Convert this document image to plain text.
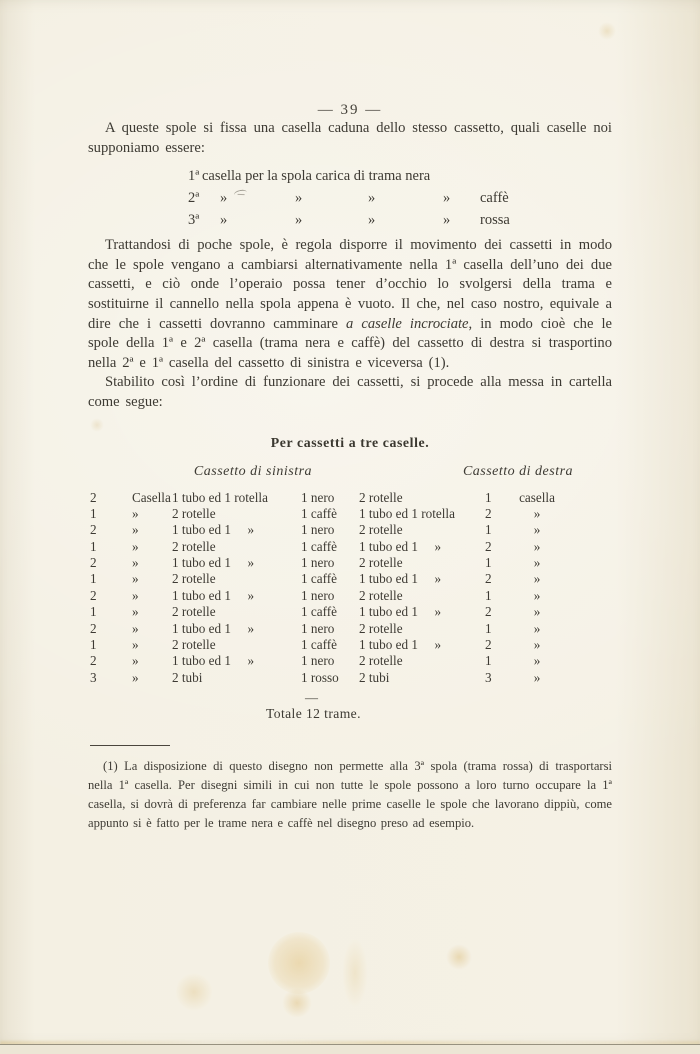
— 39 —

A queste spole si fissa una casella caduna dello stesso cassetto, quali caselle noi supponiamo essere:

1ª casella per la spola carica di trama nera
2ª »	»	»	» caffè
3ª »	»	»	» rossa

Trattandosi di poche spole, è regola disporre il movimento dei cassetti in modo che le spole vengano a cambiarsi alternativamente nella 1ª casella dell’uno dei due cassetti, e ciò onde l’operaio possa tener d’occhio lo svolgersi della trama e sostituirne il cannello nella spola appena è vuoto. Il che, nel caso nostro, equivale a dire che i cassetti dovranno camminare a caselle incrociate, in modo cioè che le spole della 1ª e 2ª casella (trama nera e caffè) del cassetto di destra si trasportino nella 2ª e 1ª casella del cassetto di sinistra e viceversa (1).

Stabilito così l’ordine di funzionare dei cassetti, si procede alla messa in cartella come segue:

Per cassetti a tre caselle.
Cassetto di sinistra	Cassetto di destra
2	Casella 1 tubo ed 1 rotella	1 nero	2 rotelle	1	casella
1	»	2 rotelle	1 caffè	1 tubo ed 1 rotella	2	»
2	»	1 tubo ed 1     »	1 nero	2 rotelle	1	»
1	»	2 rotelle	1 caffè	1 tubo ed 1     »	2	»
2	»	1 tubo ed 1     »	1 nero	2 rotelle	1	»
1	»	2 rotelle	1 caffè	1 tubo ed 1     »	2	»
2	»	1 tubo ed 1     »	1 nero	2 rotelle	1	»
1	»	2 rotelle	1 caffè	1 tubo ed 1     »	2	»
2	»	1 tubo ed 1     »	1 nero	2 rotelle	1	»
1	»	2 rotelle	1 caffè	1 tubo ed 1     »	2	»
2	»	1 tubo ed 1     »	1 nero	2 rotelle	1	»
3	»	2 tubi	1 rosso	2 tubi	3	»
—
Totale 12 trame.

(1) La disposizione di questo disegno non permette alla 3ª spola (trama rossa) di trasportarsi nella 1ª casella. Per disegni simili in cui non tutte le spole possono a loro turno occupare la 1ª casella, si dovrà di preferenza far cambiare nelle prime caselle le spole che lavorano dippiù, come appunto si è fatto per le trame nera e caffè nel disegno preso ad esempio.
